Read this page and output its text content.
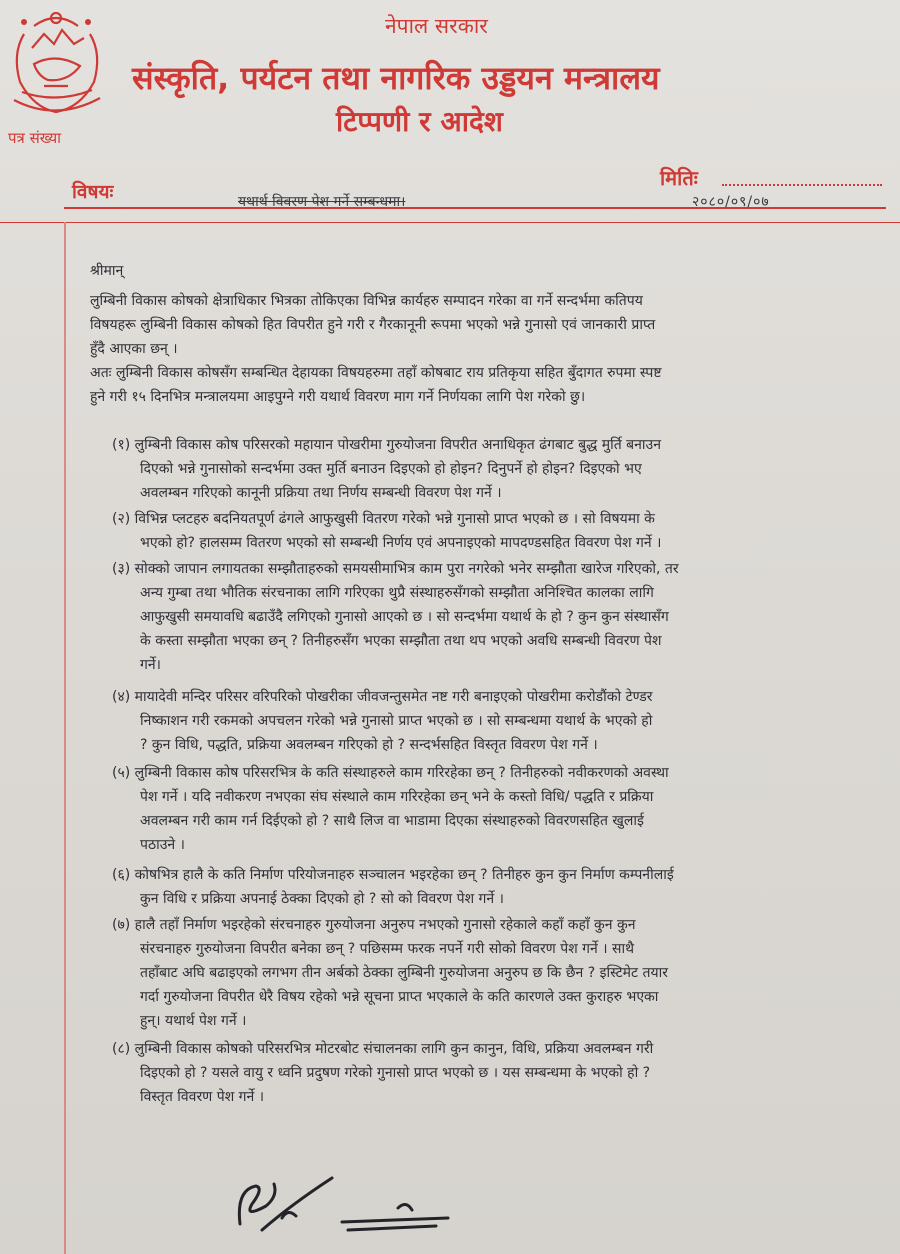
नेपाल सरकार
संस्कृति, पर्यटन तथा नागरिक उड्डयन मन्त्रालय
टिप्पणी र आदेश
पत्र संख्या
मितिः
विषयः	यथार्थ विवरण पेश गर्ने सम्बन्धमा।	२०८०/०९/०७
श्रीमान्
लुम्बिनी विकास कोषको क्षेत्राधिकार भित्रका तोकिएका विभिन्न कार्यहरु सम्पादन गरेका वा गर्ने सन्दर्भमा कतिपय
विषयहरू लुम्बिनी विकास कोषको हित विपरीत हुने गरी र गैरकानूनी रूपमा भएको भन्ने गुनासो एवं जानकारी प्राप्त
हुँदै आएका छन् ।
अतः लुम्बिनी विकास कोषसँग सम्बन्धित देहायका विषयहरुमा तहाँ कोषबाट राय प्रतिकृया सहित बुँदागत रुपमा स्पष्ट
हुने गरी १५ दिनभित्र मन्त्रालयमा आइपुग्ने गरी यथार्थ विवरण माग गर्ने निर्णयका लागि पेश गरेको छु।
(१) लुम्बिनी विकास कोष परिसरको महायान पोखरीमा गुरुयोजना विपरीत अनाधिकृत ढंगबाट बुद्ध मुर्ति बनाउन
दिएको भन्ने गुनासोको सन्दर्भमा उक्त मुर्ति बनाउन दिइएको हो होइन? दिनुपर्ने हो होइन? दिइएको भए
अवलम्बन गरिएको कानूनी प्रक्रिया तथा निर्णय सम्बन्धी विवरण पेश गर्ने ।
(२) विभिन्न प्लटहरु बदनियतपूर्ण ढंगले आफुखुसी वितरण गरेको भन्ने गुनासो प्राप्त भएको छ । सो विषयमा के
भएको हो? हालसम्म वितरण भएको सो सम्बन्धी निर्णय एवं अपनाइएको मापदण्डसहित विवरण पेश गर्ने ।
(३) सोक्को जापान लगायतका सम्झौताहरुको समयसीमाभित्र काम पुरा नगरेको भनेर सम्झौता खारेज गरिएको, तर
अन्य गुम्बा तथा भौतिक संरचनाका लागि गरिएका थुप्रै संस्थाहरुसँगको सम्झौता अनिश्चित कालका लागि
आफुखुसी समयावधि बढाउँदै लगिएको गुनासो आएको छ । सो सन्दर्भमा यथार्थ के हो ? कुन कुन संस्थासँग
के कस्ता सम्झौता भएका छन् ? तिनीहरुसँग भएका सम्झौता तथा थप भएको अवधि सम्बन्धी विवरण पेश
गर्ने।
(४) मायादेवी मन्दिर परिसर वरिपरिको पोखरीका जीवजन्तुसमेत नष्ट गरी बनाइएको पोखरीमा करोडौंको टेण्डर
निष्काशन गरी रकमको अपचलन गरेको भन्ने गुनासो प्राप्त भएको छ । सो सम्बन्धमा यथार्थ के भएको हो
? कुन विधि, पद्धति, प्रक्रिया अवलम्बन गरिएको हो ? सन्दर्भसहित विस्तृत विवरण पेश गर्ने ।
(५) लुम्बिनी विकास कोष परिसरभित्र के कति संस्थाहरुले काम गरिरहेका छन् ? तिनीहरुको नवीकरणको अवस्था
पेश गर्ने । यदि नवीकरण नभएका संघ संस्थाले काम गरिरहेका छन् भने के कस्तो विधि/ पद्धति र प्रक्रिया
अवलम्बन गरी काम गर्न दिईएको हो ? साथै लिज वा भाडामा दिएका संस्थाहरुको विवरणसहित खुलाई
पठाउने ।
(६) कोषभित्र हालै के कति निर्माण परियोजनाहरु सञ्चालन भइरहेका छन् ? तिनीहरु कुन कुन निर्माण कम्पनीलाई
कुन विधि र प्रक्रिया अपनाई ठेक्का दिएको हो ? सो को विवरण पेश गर्ने ।
(७) हालै तहाँ निर्माण भइरहेको संरचनाहरु गुरुयोजना अनुरुप नभएको गुनासो रहेकाले कहाँ कहाँ कुन कुन
संरचनाहरु गुरुयोजना विपरीत बनेका छन् ? पछिसम्म फरक नपर्ने गरी सोको विवरण पेश गर्ने । साथै
तहाँबाट अघि बढाइएको लगभग तीन अर्बको ठेक्का लुम्बिनी गुरुयोजना अनुरुप छ कि छैन ? इस्टिमेट तयार
गर्दा गुरुयोजना विपरीत धेरै विषय रहेको भन्ने सूचना प्राप्त भएकाले के कति कारणले उक्त कुराहरु भएका
हुन्। यथार्थ पेश गर्ने ।
(८) लुम्बिनी विकास कोषको परिसरभित्र मोटरबोट संचालनका लागि कुन कानुन, विधि, प्रक्रिया अवलम्बन गरी
दिइएको हो ? यसले वायु र ध्वनि प्रदुषण गरेको गुनासो प्राप्त भएको छ । यस सम्बन्धमा के भएको हो ?
विस्तृत विवरण पेश गर्ने ।
